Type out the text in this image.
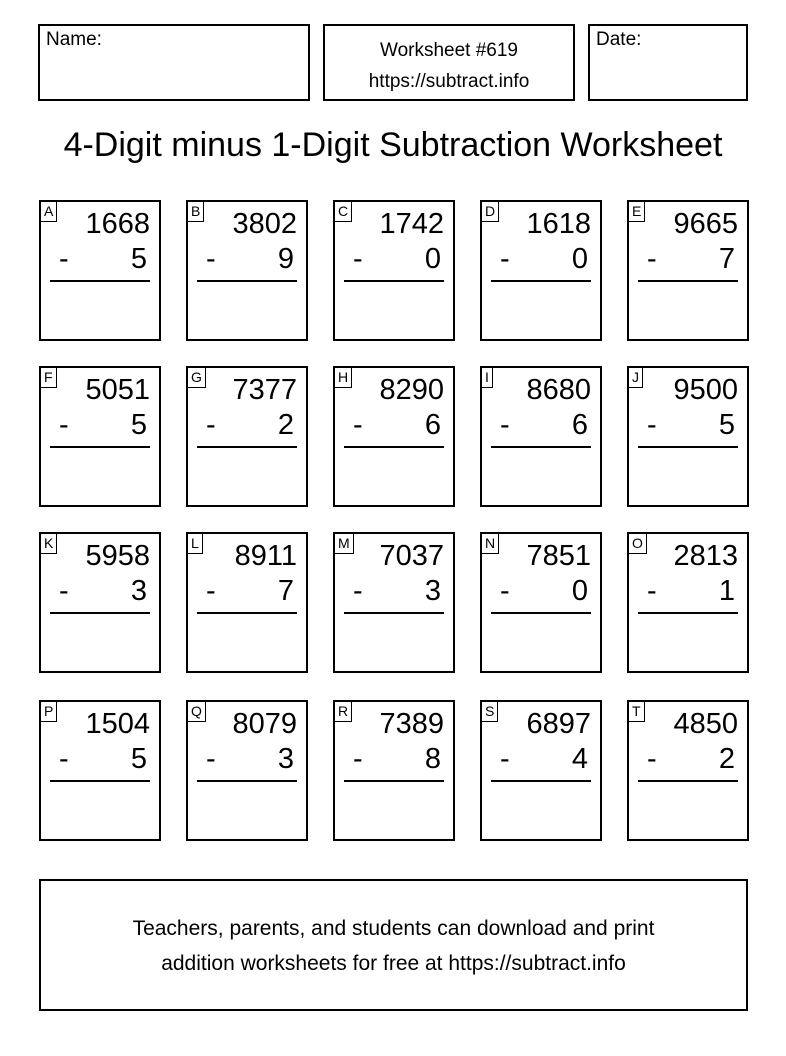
Name:
Worksheet #619
https://subtract.info
Date:
4-Digit minus 1-Digit Subtraction Worksheet
A 1668
- 5
B 3802
- 9
C 1742
- 0
D 1618
- 0
E 9665
- 7
F 5051
- 5
G 7377
- 2
H 8290
- 6
I 8680
- 6
J 9500
- 5
K 5958
- 3
L 8911
- 7
M 7037
- 3
N 7851
- 0
O 2813
- 1
P 1504
- 5
Q 8079
- 3
R 7389
- 8
S 6897
- 4
T 4850
- 2
Teachers, parents, and students can download and print
addition worksheets for free at https://subtract.info
